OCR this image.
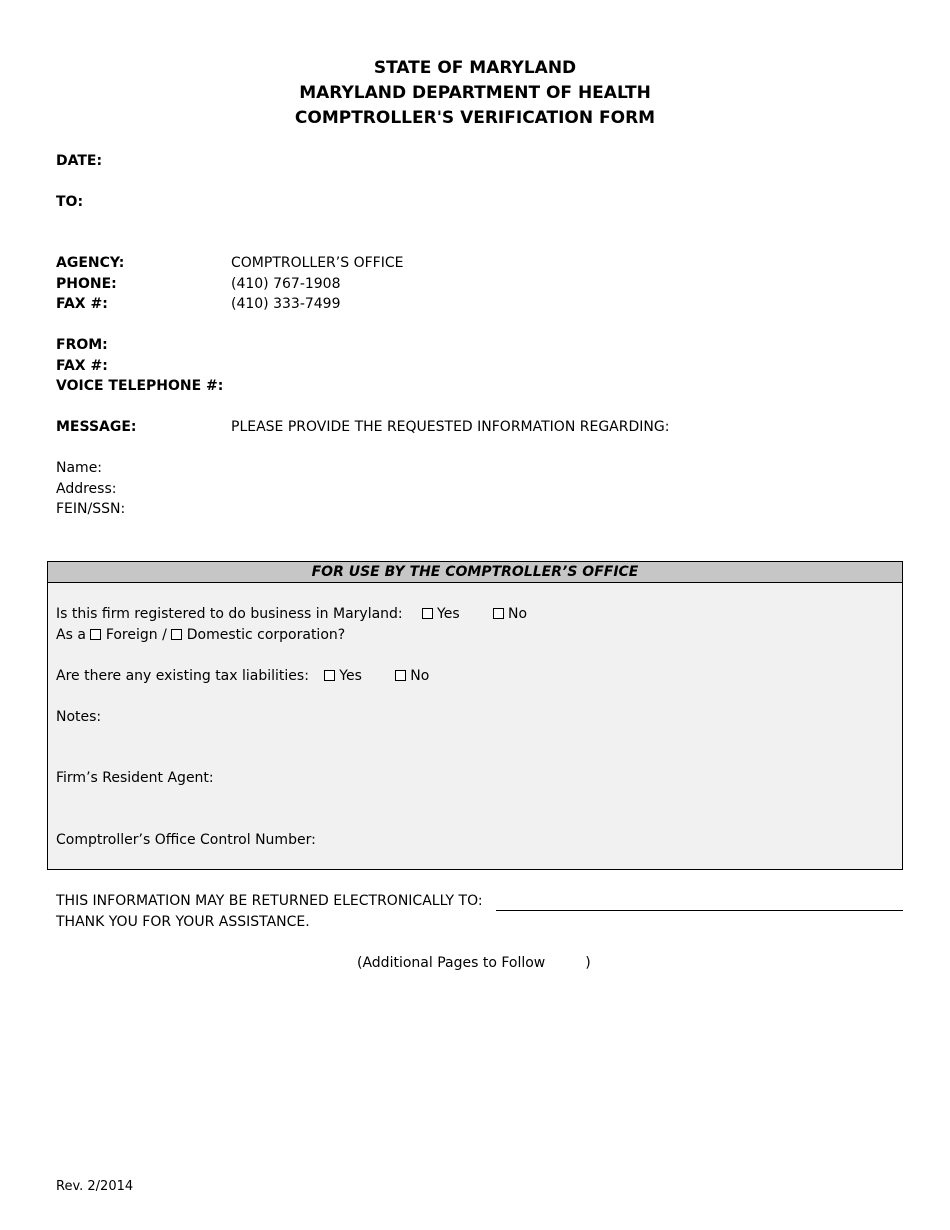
STATE OF MARYLAND
MARYLAND DEPARTMENT OF HEALTH
COMPTROLLER'S VERIFICATION FORM
DATE:
TO:
AGENCY:	COMPTROLLER’S OFFICE
PHONE:	(410) 767-1908
FAX #:	(410) 333-7499
FROM:
FAX #:
VOICE TELEPHONE #:
MESSAGE:	PLEASE PROVIDE THE REQUESTED INFORMATION REGARDING:
Name:
Address:
FEIN/SSN:
FOR USE BY THE COMPTROLLER’S OFFICE
Is this firm registered to do business in Maryland: Yes	No
As a Foreign / Domestic corporation?
Are there any existing tax liabilities: Yes	No
Notes:
Firm’s Resident Agent:
Comptroller’s Office Control Number:
THIS INFORMATION MAY BE RETURNED ELECTRONICALLY TO:
THANK YOU FOR YOUR ASSISTANCE.
(Additional Pages to Follow	)
Rev. 2/2014
